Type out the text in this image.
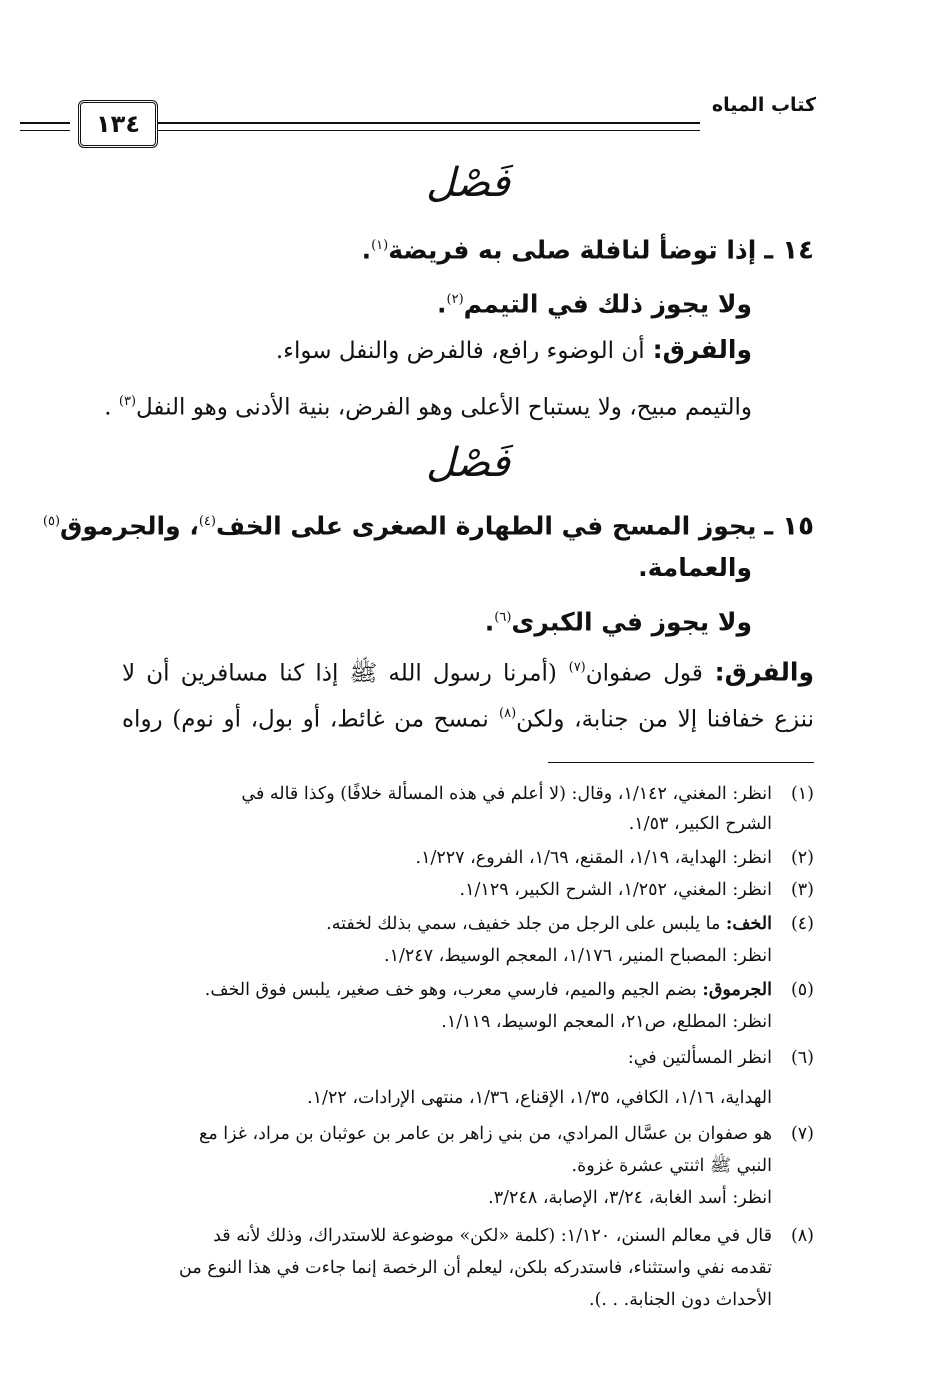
كتاب المياه
١٣٤
فَصْل
١٤ ـ إذا توضأ لنافلة صلى به فريضة$^{(١)}$.
ولا يجوز ذلك في التيمم$^{(٢)}$.
والفرق: أن الوضوء رافع، فالفرض والنفل سواء.
والتيمم مبيح، ولا يستباح الأعلى وهو الفرض، بنية الأدنى وهو النفل$^{(٣)}$ .
فَصْل
١٥ ـ يجوز المسح في الطهارة الصغرى على الخف$^{(٤)}$، والجرموق$^{(٥)}$
والعمامة.
ولا يجوز في الكبرى$^{(٦)}$.
والفرق: قول صفوان$^{(٧)}$ (أمرنا رسول الله ﷺ إذا كنا مسافرين أن لا
ننزع خفافنا إلا من جنابة، ولكن$^{(٨)}$ نمسح من غائط، أو بول، أو نوم) رواه
(١)انظر: المغني، ١/١٤٢، وقال: (لا أعلم في هذه المسألة خلافًا) وكذا قاله في
الشرح الكبير، ١/٥٣.
(٢)انظر: الهداية، ١/١٩، المقنع، ١/٦٩، الفروع، ١/٢٢٧.
(٣)انظر: المغني، ١/٢٥٢، الشرح الكبير، ١/١٢٩.
(٤)الخف: ما يلبس على الرجل من جلد خفيف، سمي بذلك لخفته.
انظر: المصباح المنير، ١/١٧٦، المعجم الوسيط، ١/٢٤٧.
(٥)الجرموق: بضم الجيم والميم، فارسي معرب، وهو خف صغير، يلبس فوق الخف.
انظر: المطلع، ص٢١، المعجم الوسيط، ١/١١٩.
(٦)انظر المسألتين في:
الهداية، ١/١٦، الكافي، ١/٣٥، الإقناع، ١/٣٦، منتهى الإرادات، ١/٢٢.
(٧)هو صفوان بن عسَّال المرادي، من بني زاهر بن عامر بن عوثبان بن مراد، غزا مع
النبي ﷺ اثنتي عشرة غزوة.
انظر: أسد الغابة، ٣/٢٤، الإصابة، ٣/٢٤٨.
(٨)قال في معالم السنن، ١/١٢٠: (كلمة «لكن» موضوعة للاستدراك، وذلك لأنه قد
تقدمه نفي واستثناء، فاستدركه بلكن، ليعلم أن الرخصة إنما جاءت في هذا النوع من
الأحداث دون الجنابة. . .).
